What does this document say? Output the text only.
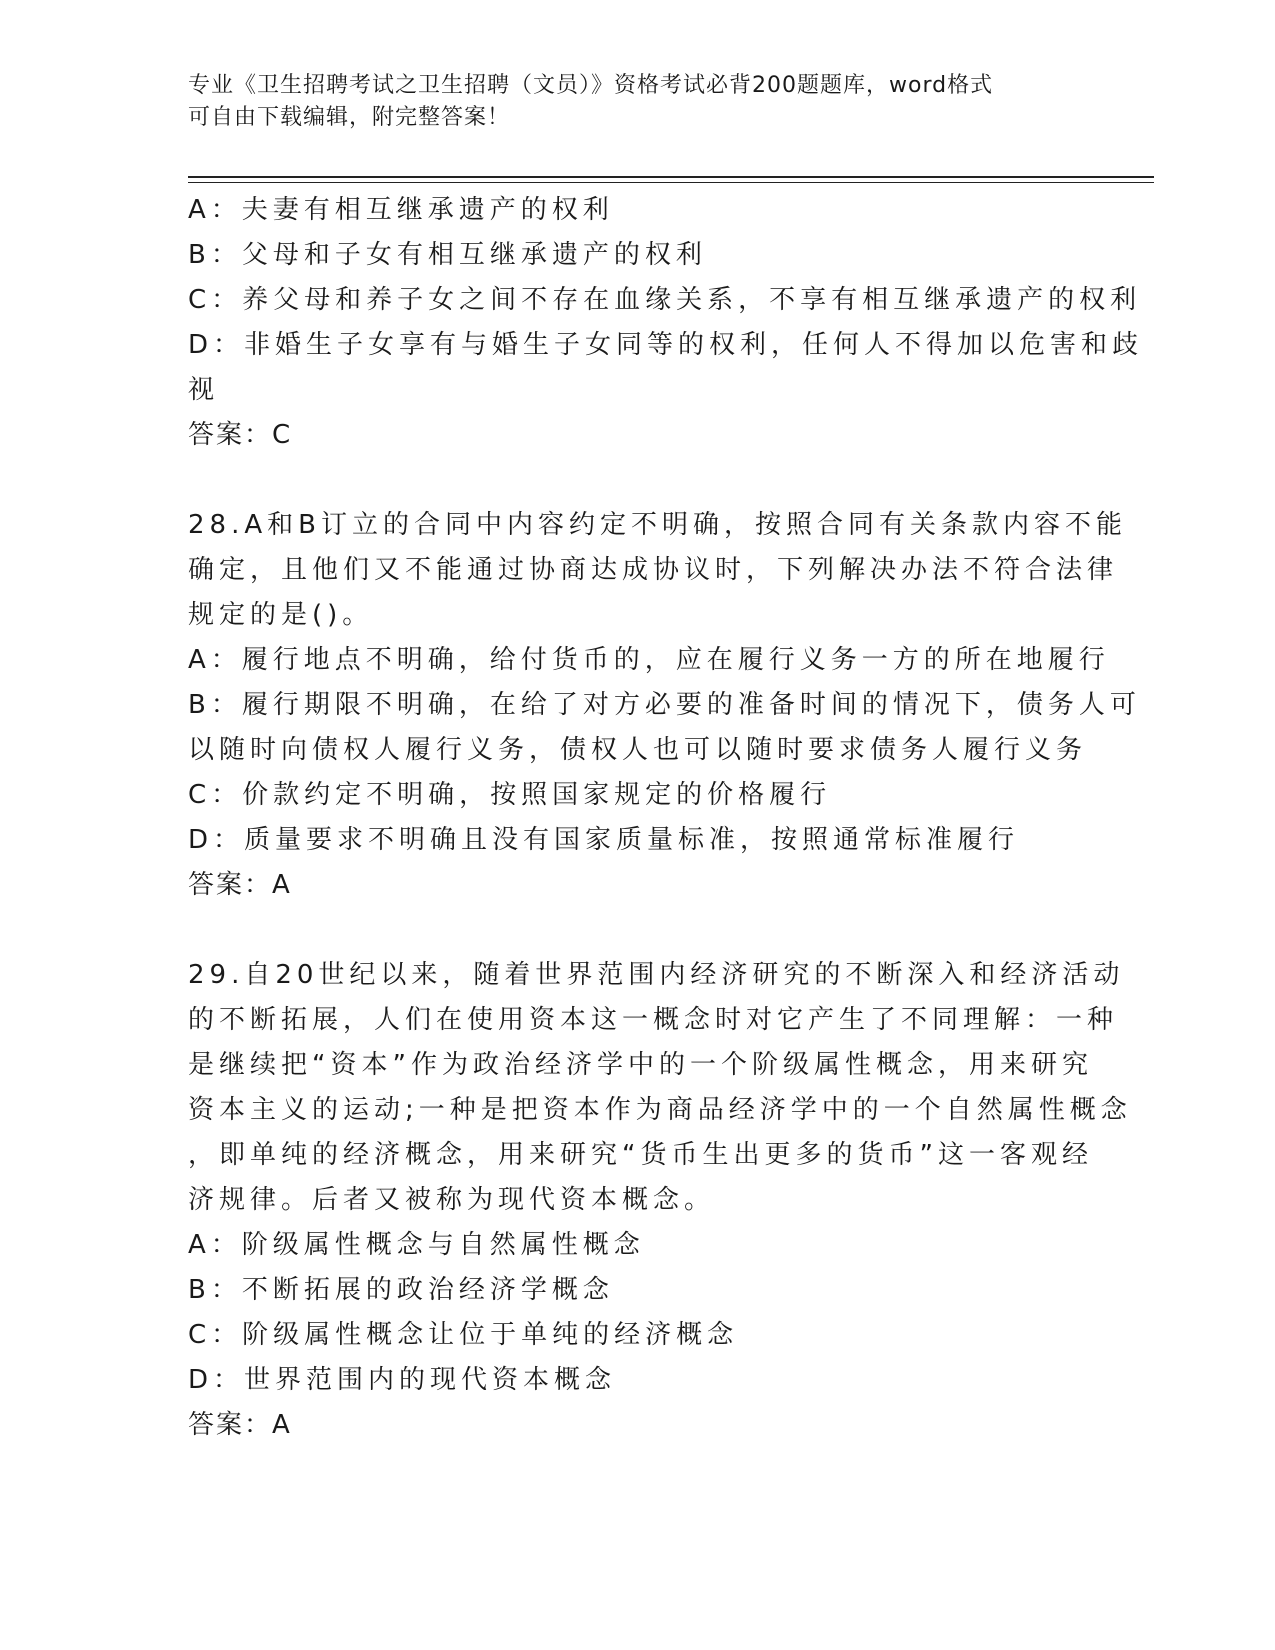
专业《卫生招聘考试之卫生招聘（文员）》资格考试必背200题题库，word格式
可自由下载编辑，附完整答案！
A：夫妻有相互继承遗产的权利
B：父母和子女有相互继承遗产的权利
C：养父母和养子女之间不存在血缘关系，不享有相互继承遗产的权利
D：非婚生子女享有与婚生子女同等的权利，任何人不得加以危害和歧
视
答案：C
28.A和B订立的合同中内容约定不明确，按照合同有关条款内容不能
确定，且他们又不能通过协商达成协议时，下列解决办法不符合法律
规定的是()。
A：履行地点不明确，给付货币的，应在履行义务一方的所在地履行
B：履行期限不明确，在给了对方必要的准备时间的情况下，债务人可
以随时向债权人履行义务，债权人也可以随时要求债务人履行义务
C：价款约定不明确，按照国家规定的价格履行
D：质量要求不明确且没有国家质量标准，按照通常标准履行
答案：A
29.自20世纪以来，随着世界范围内经济研究的不断深入和经济活动
的不断拓展，人们在使用资本这一概念时对它产生了不同理解：一种
是继续把“资本”作为政治经济学中的一个阶级属性概念，用来研究
资本主义的运动;一种是把资本作为商品经济学中的一个自然属性概念
，即单纯的经济概念，用来研究“货币生出更多的货币”这一客观经
济规律。后者又被称为现代资本概念。
A：阶级属性概念与自然属性概念
B：不断拓展的政治经济学概念
C：阶级属性概念让位于单纯的经济概念
D：世界范围内的现代资本概念
答案：A
